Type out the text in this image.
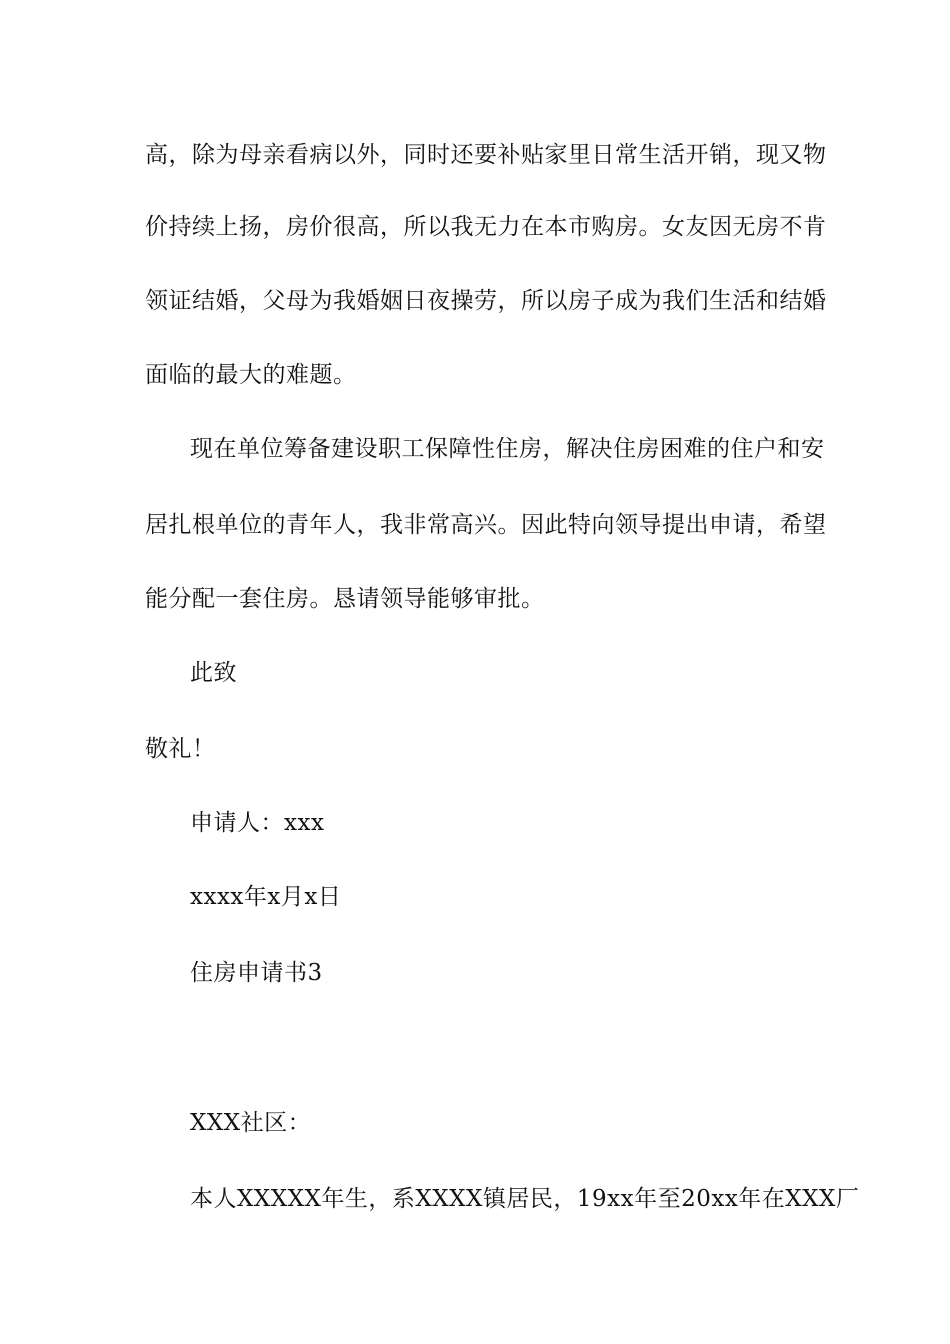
高，除为母亲看病以外，同时还要补贴家里日常生活开销，现又物
价持续上扬，房价很高，所以我无力在本市购房。女友因无房不肯
领证结婚，父母为我婚姻日夜操劳，所以房子成为我们生活和结婚
面临的最大的难题。
现在单位筹备建设职工保障性住房，解决住房困难的住户和安
居扎根单位的青年人，我非常高兴。因此特向领导提出申请，希望
能分配一套住房。恳请领导能够审批。
此致
敬礼！
申请人：xxx
xxxx年x月x日
住房申请书3
XXX社区：
本人XXXXX年生，系XXXX镇居民，19xx年至20xx年在XXX厂
